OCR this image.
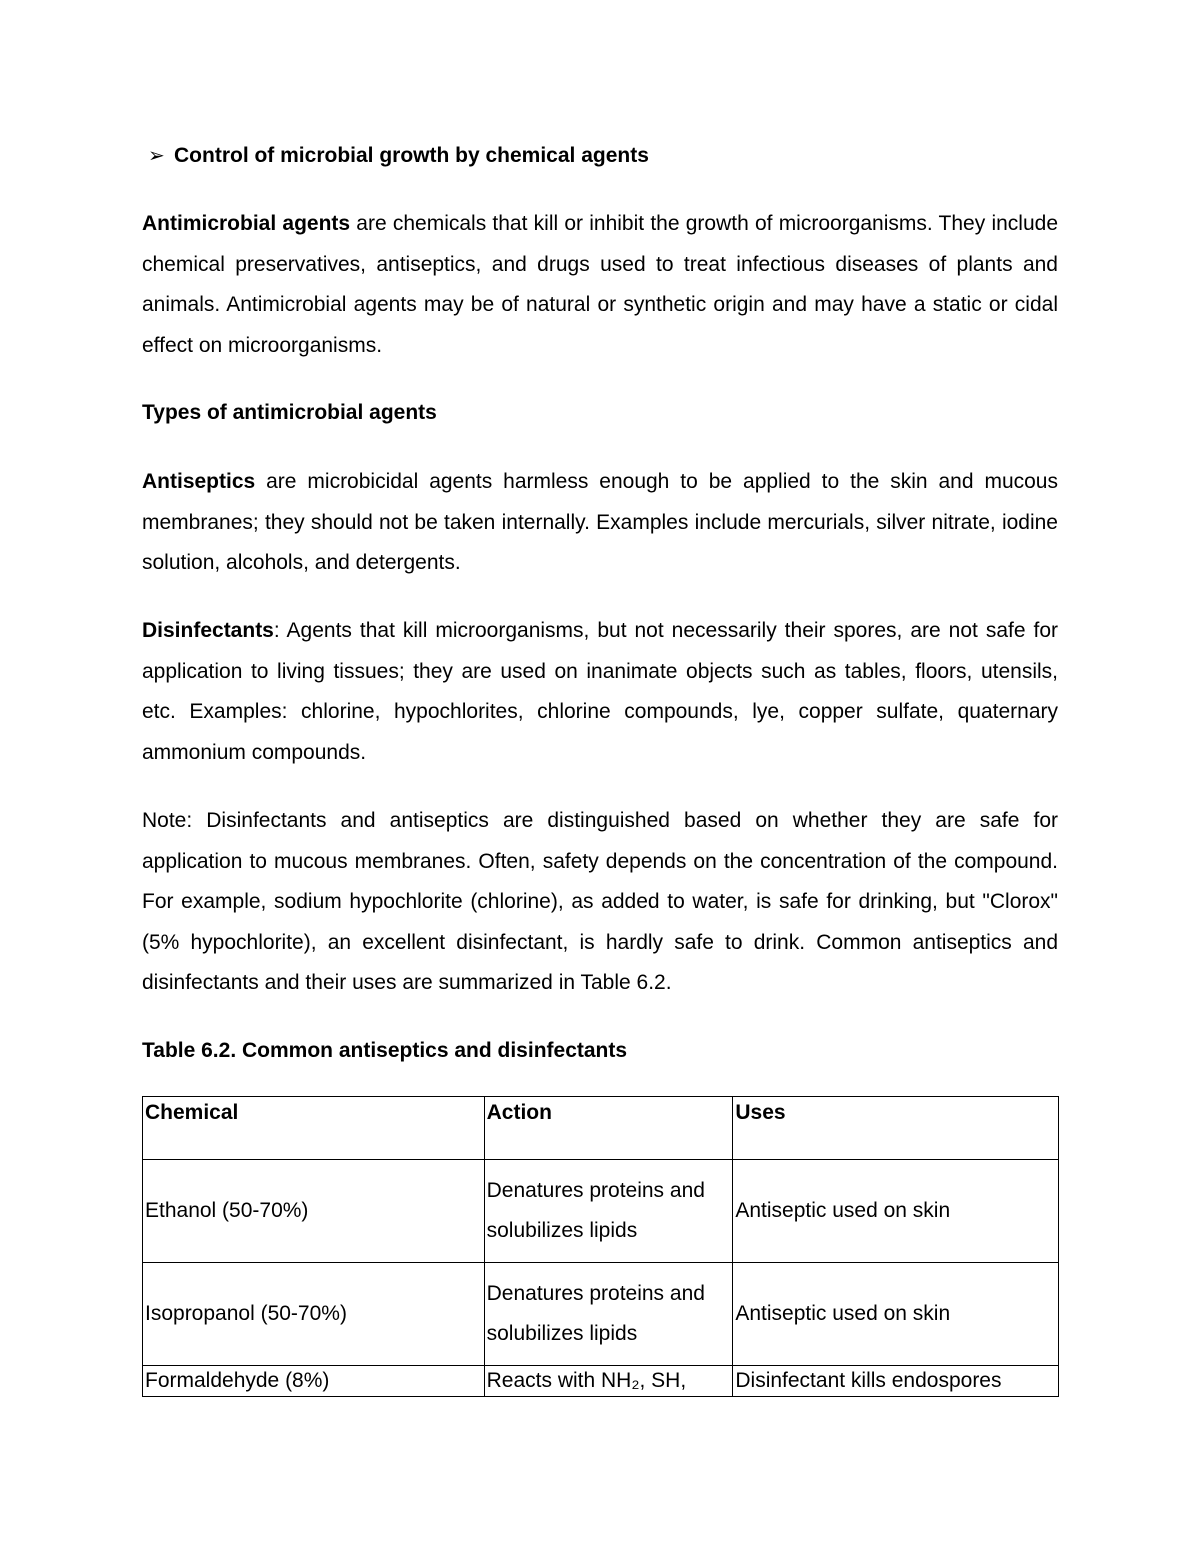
➢ Control of microbial growth by chemical agents

Antimicrobial agents are chemicals that kill or inhibit the growth of microorganisms. They include chemical preservatives, antiseptics, and drugs used to treat infectious diseases of plants and animals. Antimicrobial agents may be of natural or synthetic origin and may have a static or cidal effect on microorganisms.

Types of antimicrobial agents

Antiseptics are microbicidal agents harmless enough to be applied to the skin and mucous membranes; they should not be taken internally. Examples include mercurials, silver nitrate, iodine solution, alcohols, and detergents.

Disinfectants: Agents that kill microorganisms, but not necessarily their spores, are not safe for application to living tissues; they are used on inanimate objects such as tables, floors, utensils, etc. Examples: chlorine, hypochlorites, chlorine compounds, lye, copper sulfate, quaternary ammonium compounds.

Note: Disinfectants and antiseptics are distinguished based on whether they are safe for application to mucous membranes. Often, safety depends on the concentration of the compound. For example, sodium hypochlorite (chlorine), as added to water, is safe for drinking, but "Clorox" (5% hypochlorite), an excellent disinfectant, is hardly safe to drink. Common antiseptics and disinfectants and their uses are summarized in Table 6.2.

Table 6.2. Common antiseptics and disinfectants
Chemical	Action	Uses
Ethanol (50-70%)	Denatures proteins and solubilizes lipids	Antiseptic used on skin
Isopropanol (50-70%)	Denatures proteins and solubilizes lipids	Antiseptic used on skin
Formaldehyde (8%)	Reacts with NH₂, SH,	Disinfectant kills endospores
